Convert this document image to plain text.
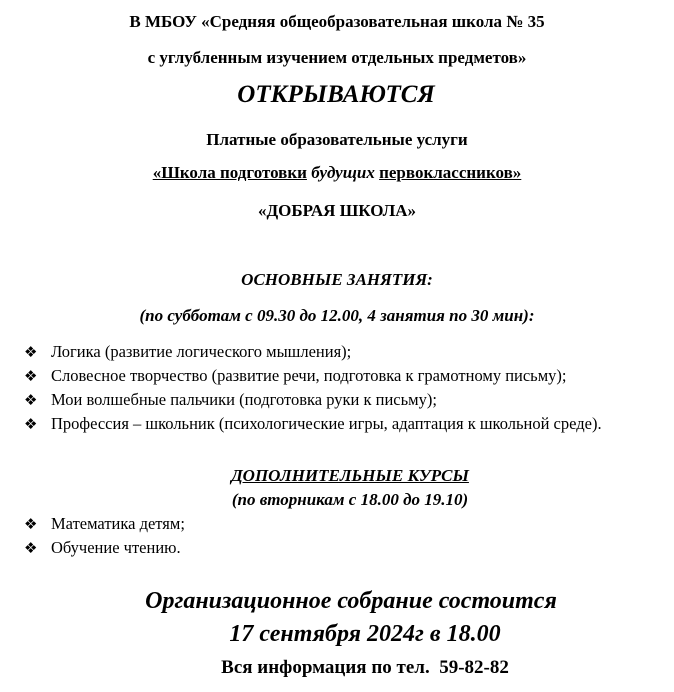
В МБОУ «Средняя общеобразовательная школа № 35
с углубленным изучением отдельных предметов»
ОТКРЫВАЮТСЯ
Платные образовательные услуги
«Школа подготовки будущих первоклассников»
«ДОБРАЯ ШКОЛА»
ОСНОВНЫЕ ЗАНЯТИЯ:
(по субботам с 09.30 до 12.00, 4 занятия по 30 мин):
❖ Логика (развитие логического мышления);
❖ Словесное творчество (развитие речи, подготовка к грамотному письму);
❖ Мои волшебные пальчики (подготовка руки к письму);
❖ Профессия – школьник (психологические игры, адаптация к школьной среде).
ДОПОЛНИТЕЛЬНЫЕ КУРСЫ
(по вторникам с 18.00 до 19.10)
❖ Математика детям;
❖ Обучение чтению.
Организационное собрание состоится
17 сентября 2024г в 18.00
Вся информация по тел.  59-82-82
